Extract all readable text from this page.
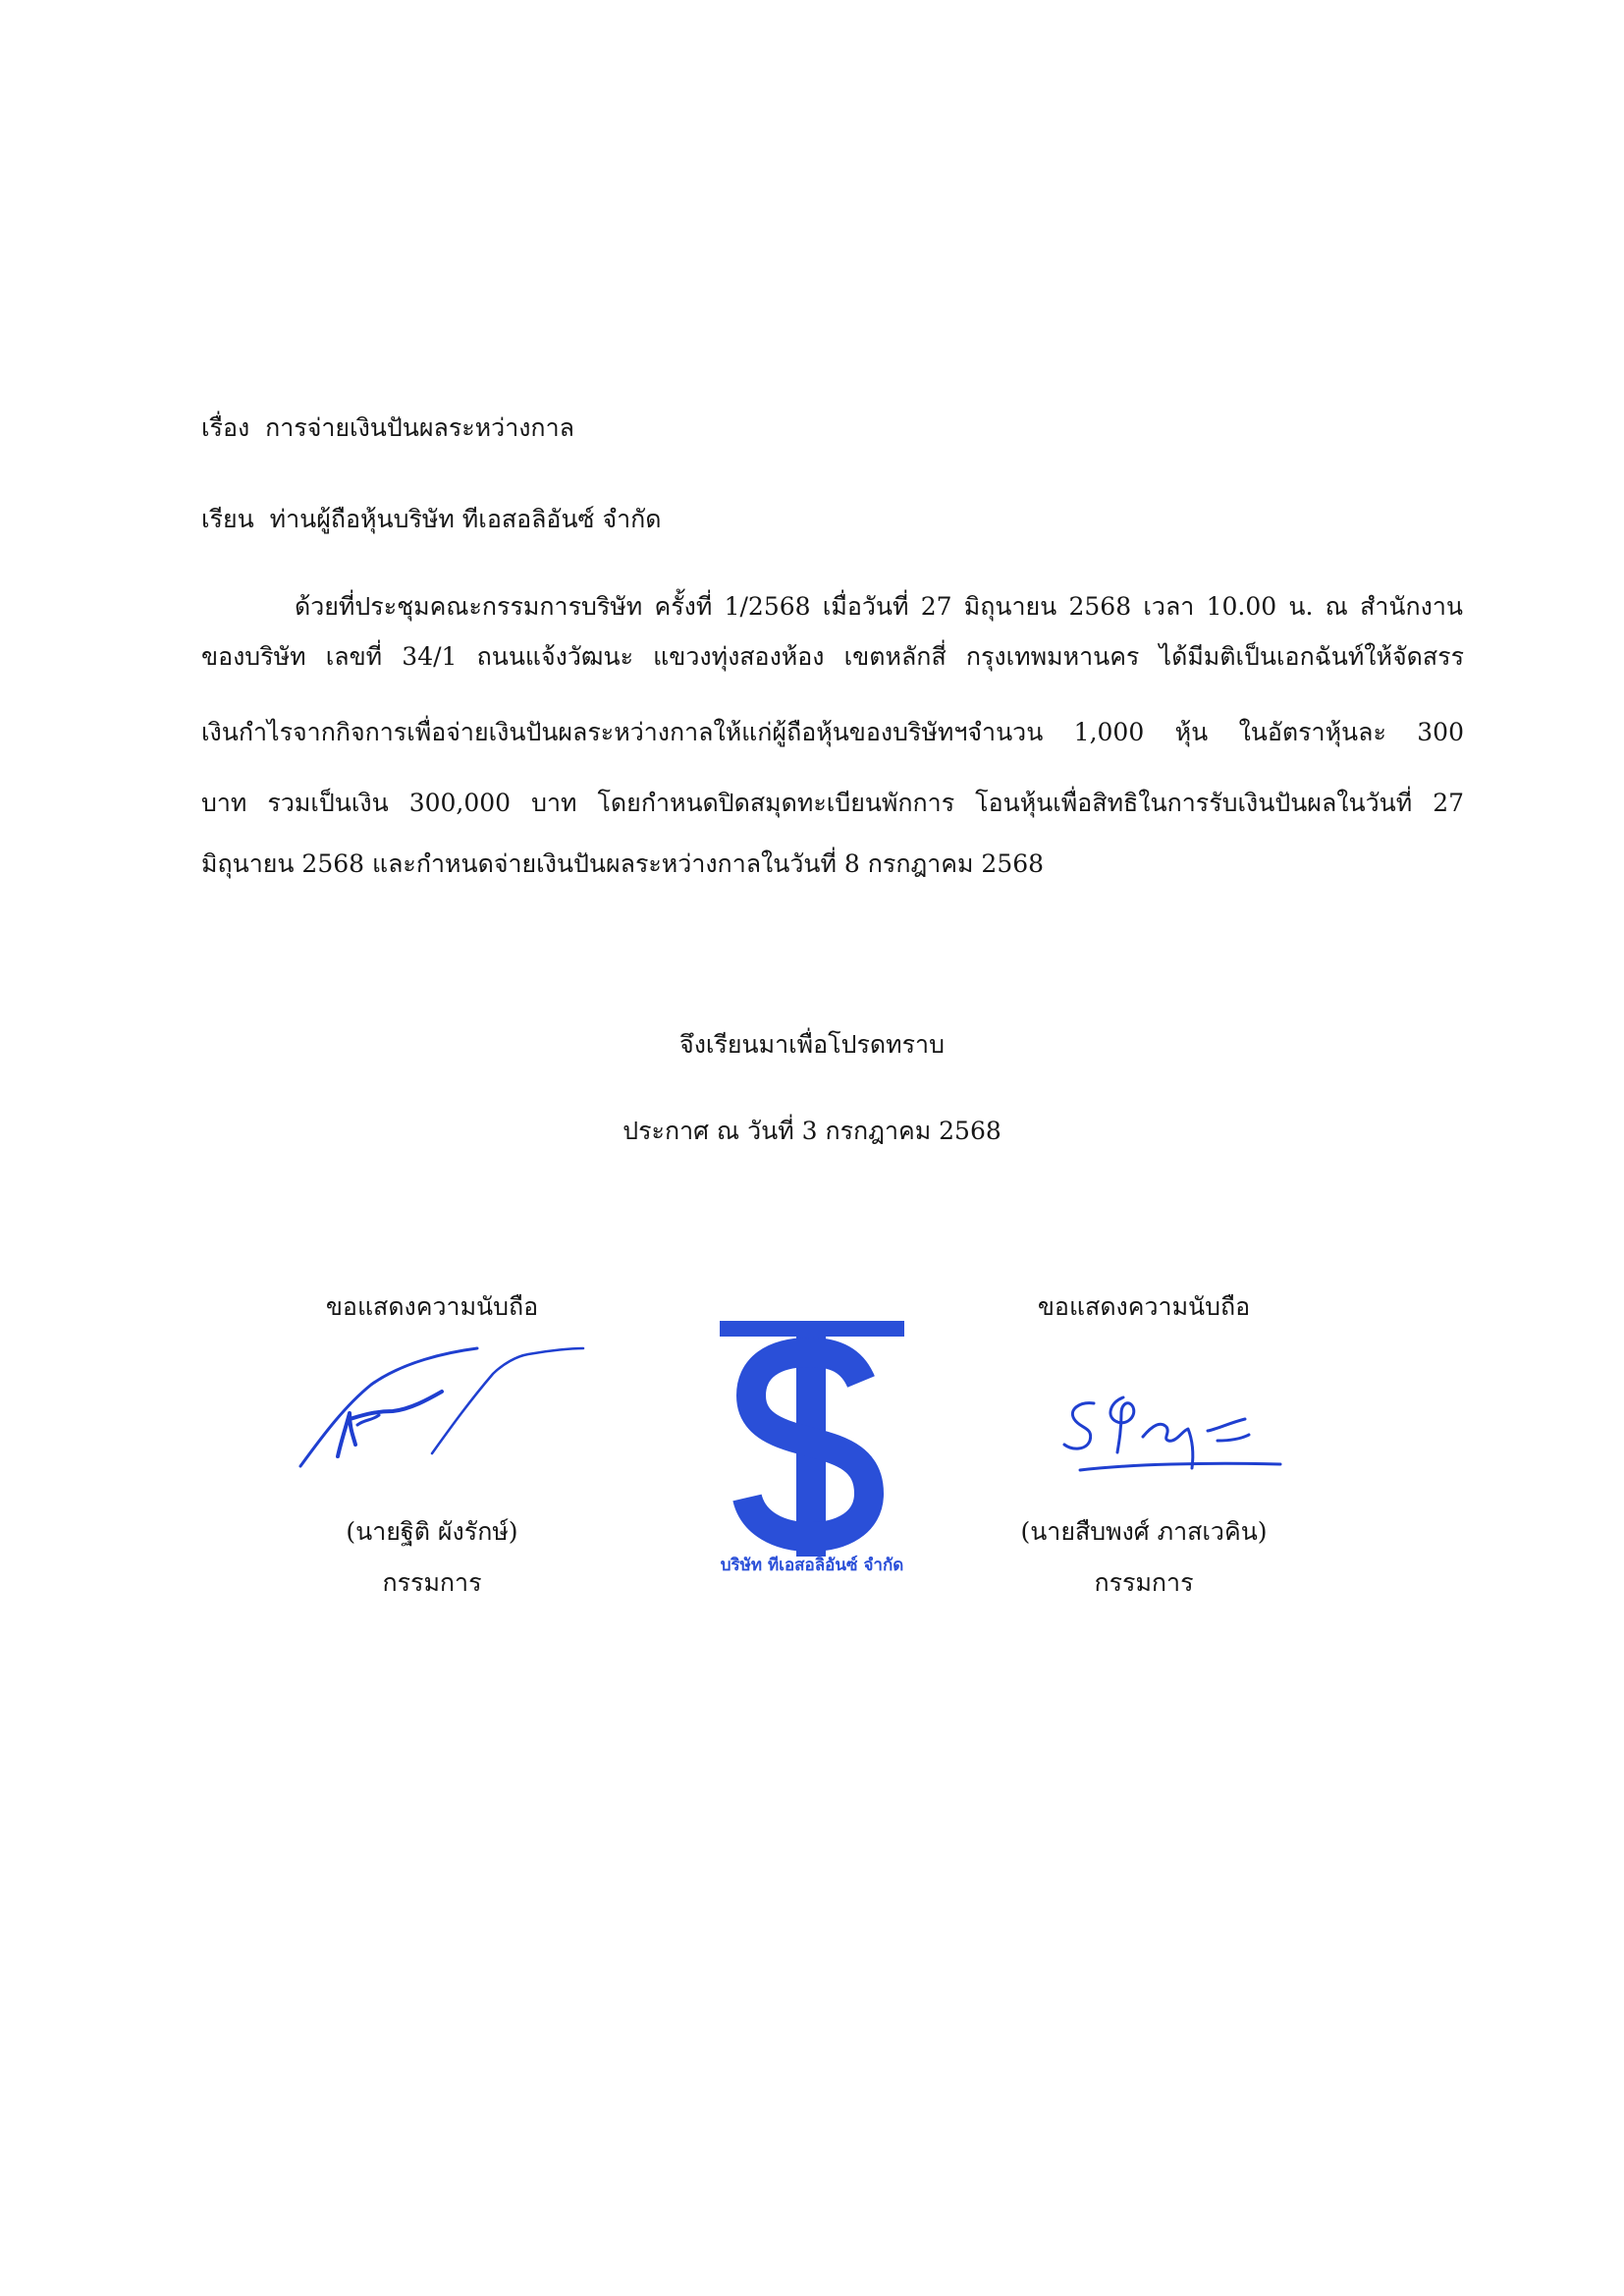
เรื่อง การจ่ายเงินปันผลระหว่างกาล
เรียน ท่านผู้ถือหุ้นบริษัท ทีเอสอลิอันซ์ จำกัด
ด้วยที่ประชุมคณะกรรมการบริษัท ครั้งที่ 1/2568 เมื่อวันที่ 27 มิถุนายน 2568 เวลา 10.00 น. ณ สำนักงาน
ของบริษัท เลขที่ 34/1 ถนนแจ้งวัฒนะ แขวงทุ่งสองห้อง เขตหลักสี่ กรุงเทพมหานคร ได้มีมติเป็นเอกฉันท์ให้จัดสรร
เงินกำไรจากกิจการเพื่อจ่ายเงินปันผลระหว่างกาลให้แก่ผู้ถือหุ้นของบริษัทฯจำนวน 1,000 หุ้น ในอัตราหุ้นละ 300
บาท รวมเป็นเงิน 300,000 บาท โดยกำหนดปิดสมุดทะเบียนพักการ โอนหุ้นเพื่อสิทธิในการรับเงินปันผลในวันที่ 27
มิถุนายน 2568 และกำหนดจ่ายเงินปันผลระหว่างกาลในวันที่ 8 กรกฎาคม 2568
จึงเรียนมาเพื่อโปรดทราบ
ประกาศ ณ วันที่ 3 กรกฎาคม 2568
ขอแสดงความนับถือ
(นายฐิติ ผังรักษ์)
กรรมการ
บริษัท ทีเอสอลิอันซ์ จำกัด
ขอแสดงความนับถือ
(นายสืบพงศ์ ภาสเวคิน)
กรรมการ
